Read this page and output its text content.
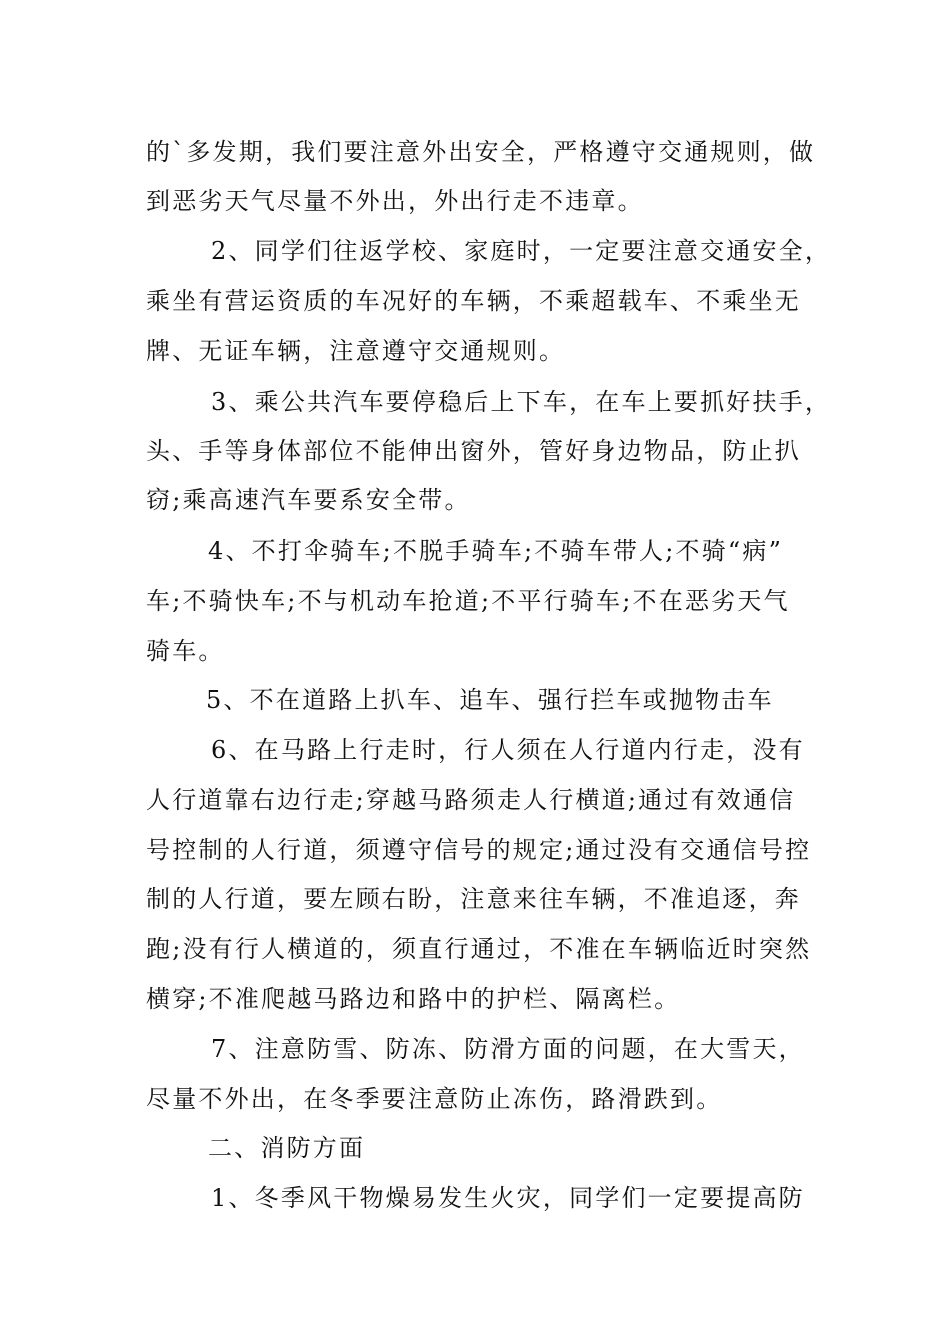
的`多发期，我们要注意外出安全，严格遵守交通规则，做

到恶劣天气尽量不外出，外出行走不违章。

2、同学们往返学校、家庭时，一定要注意交通安全，

乘坐有营运资质的车况好的车辆，不乘超载车、不乘坐无

牌、无证车辆，注意遵守交通规则。

3、乘公共汽车要停稳后上下车，在车上要抓好扶手，

头、手等身体部位不能伸出窗外，管好身边物品，防止扒

窃;乘高速汽车要系安全带。

4、不打伞骑车;不脱手骑车;不骑车带人;不骑“病”

车;不骑快车;不与机动车抢道;不平行骑车;不在恶劣天气

骑车。

5、不在道路上扒车、追车、强行拦车或抛物击车

6、在马路上行走时，行人须在人行道内行走，没有

人行道靠右边行走;穿越马路须走人行横道;通过有效通信

号控制的人行道，须遵守信号的规定;通过没有交通信号控

制的人行道，要左顾右盼，注意来往车辆，不准追逐，奔

跑;没有行人横道的，须直行通过，不准在车辆临近时突然

横穿;不准爬越马路边和路中的护栏、隔离栏。

7、注意防雪、防冻、防滑方面的问题，在大雪天，

尽量不外出，在冬季要注意防止冻伤，路滑跌到。

二、消防方面

1、冬季风干物燥易发生火灾，同学们一定要提高防
